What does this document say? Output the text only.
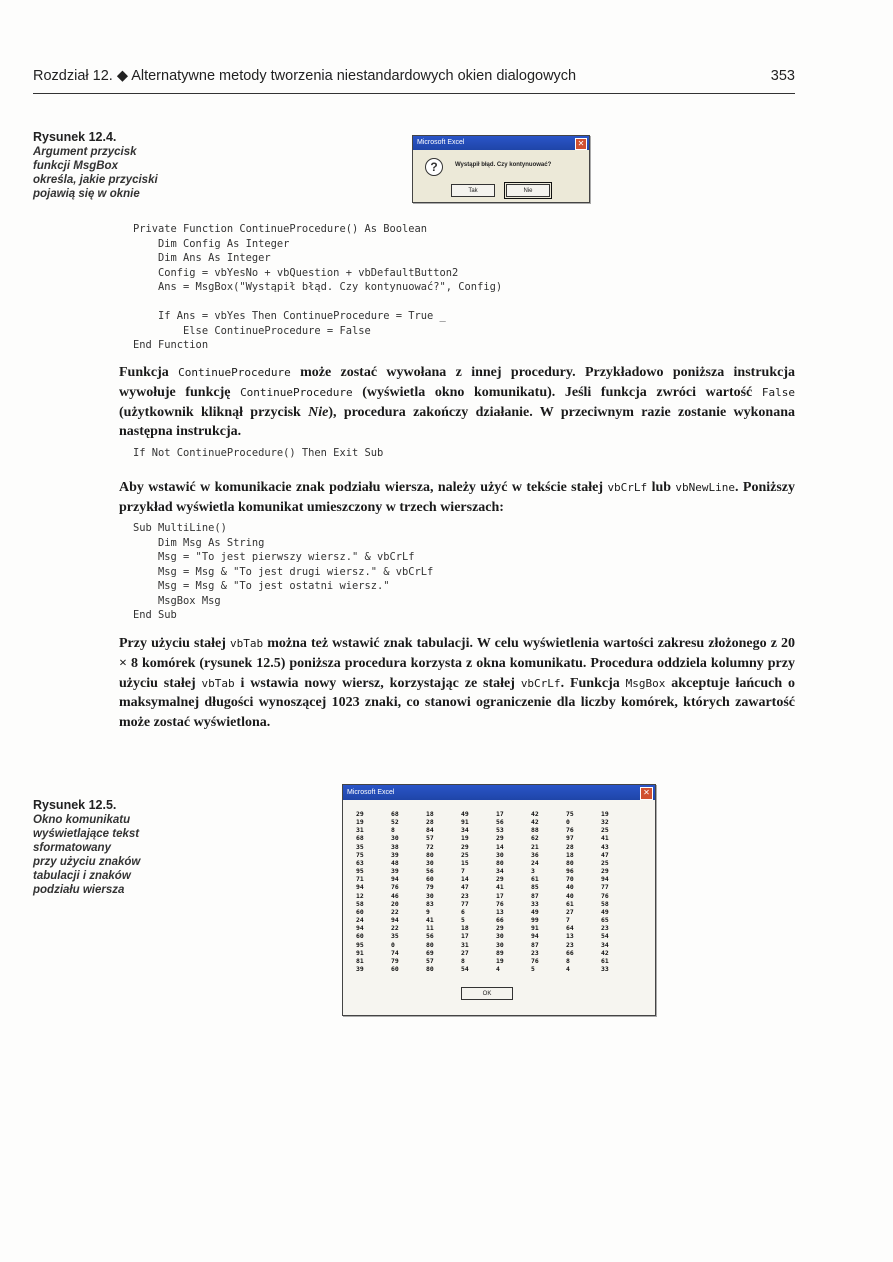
Rozdział 12. ◆ Alternatywne metody tworzenia niestandardowych okien dialogowych	353
Rysunek 12.4.
Argument przycisk
funkcji MsgBox
określa, jakie przyciski
pojawią się w oknie
Microsoft Excel	✕
?	Wystąpił błąd. Czy kontynuować?
Tak	Nie
Private Function ContinueProcedure() As Boolean
Dim Config As Integer
Dim Ans As Integer
Config = vbYesNo + vbQuestion + vbDefaultButton2
Ans = MsgBox("Wystąpił błąd. Czy kontynuować?", Config)

If Ans = vbYes Then ContinueProcedure = True _
Else ContinueProcedure = False
End Function

Funkcja ContinueProcedure może zostać wywołana z innej procedury. Przykładowo poniższa instrukcja wywołuje funkcję ContinueProcedure (wyświetla okno komunikatu). Jeśli funkcja zwróci wartość False (użytkownik kliknął przycisk Nie), procedura zakończy działanie. W przeciwnym razie zostanie wykonana następna instrukcja.

If Not ContinueProcedure() Then Exit Sub

Aby wstawić w komunikacie znak podziału wiersza, należy użyć w tekście stałej vbCrLf lub vbNewLine. Poniższy przykład wyświetla komunikat umieszczony w trzech wierszach:

Sub MultiLine()
Dim Msg As String
Msg = "To jest pierwszy wiersz." & vbCrLf
Msg = Msg & "To jest drugi wiersz." & vbCrLf
Msg = Msg & "To jest ostatni wiersz."
MsgBox Msg
End Sub

Przy użyciu stałej vbTab można też wstawić znak tabulacji. W celu wyświetlenia wartości zakresu złożonego z 20 × 8 komórek (rysunek 12.5) poniższa procedura korzysta z okna komunikatu. Procedura oddziela kolumny przy użyciu stałej vbTab i wstawia nowy wiersz, korzystając ze stałej vbCrLf. Funkcja MsgBox akceptuje łańcuch o maksymalnej długości wynoszącej 1023 znaki, co stanowi ograniczenie dla liczby komórek, których zawartość może zostać wyświetlona.

Rysunek 12.5.
Okno komunikatu
wyświetlające tekst
sformatowany
przy użyciu znaków
tabulacji i znaków
podziału wiersza
Microsoft Excel	✕
29	68	18	49	17	42	75	19
19	52	28	91	56	42	0	32
31	8	84	34	53	88	76	25
68	30	57	19	29	62	97	41
35	38	72	29	14	21	28	43
75	39	80	25	30	36	18	47
63	48	30	15	80	24	80	25
95	39	56	7	34	3	96	29
71	94	60	14	29	61	70	94
94	76	79	47	41	85	40	77
12	46	30	23	17	87	40	76
58	20	83	77	76	33	61	58
60	22	9	6	13	49	27	49
24	94	41	5	66	99	7	65
94	22	11	18	29	91	64	23
60	35	56	17	30	94	13	54
95	0	80	31	30	87	23	34
91	74	69	27	89	23	66	42
81	79	57	8	19	76	8	61
39	60	80	54	4	5	4	33
OK
